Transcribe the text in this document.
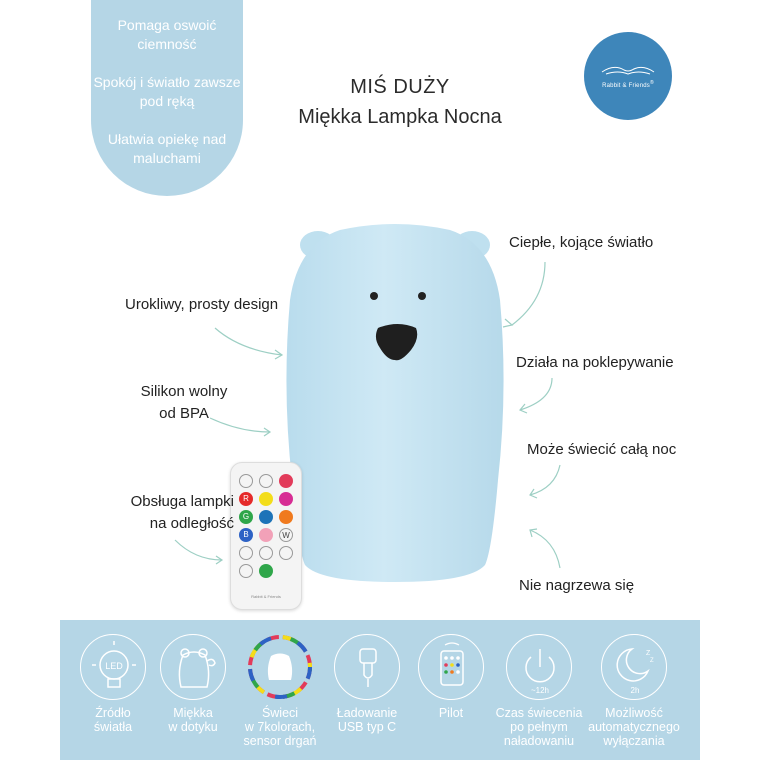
Pomaga oswoić ciemność
Spokój i światło zawsze pod ręką
Ułatwia opiekę nad maluchami
MIŚ DUŻY
Miękka Lampka Nocna
Rabbit & Friends®
R
G
B	W
Rabbit & Friends
Ciepłe, kojące światło
Urokliwy, prosty design
Działa na poklepywanie
Silikon wolny
od BPA
Może świecić całą noc
Obsługa lampki
na odległość
Nie nagrzewa się
LED
Źródło
światła
Miękka
w dotyku
Świeci
w 7kolorach,
sensor drgań
Ładowanie
USB typ C
Pilot
~12h
Czas świecenia
po pełnym
naładowaniu
Z
Z
2h
Możliwość
automatycznego
wyłączania
